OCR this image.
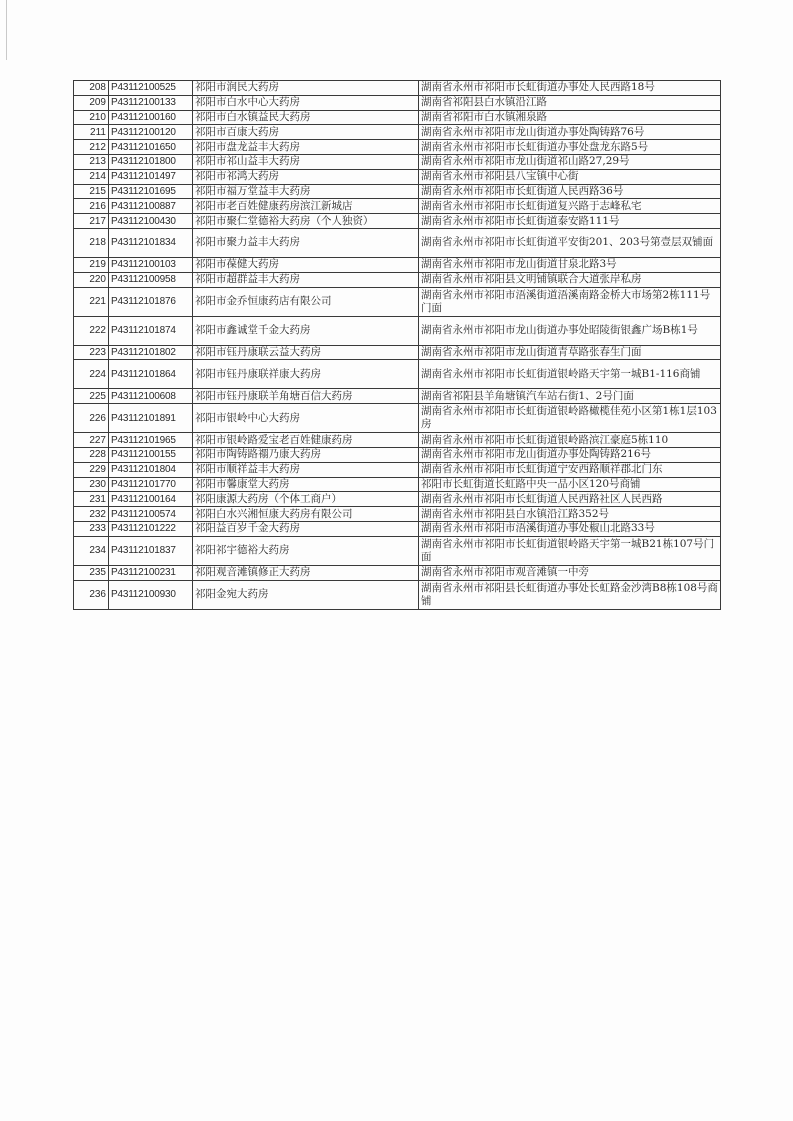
208	P43112100525	祁阳市润民大药房	湖南省永州市祁阳市长虹街道办事处人民西路18号
209	P43112100133	祁阳市白水中心大药房	湖南省祁阳县白水镇沿江路
210	P43112100160	祁阳市白水镇益民大药房	湖南省祁阳市白水镇湘泉路
211	P43112100120	祁阳市百康大药房	湖南省永州市祁阳市龙山街道办事处陶铸路76号
212	P43112101650	祁阳市盘龙益丰大药房	湖南省永州市祁阳市长虹街道办事处盘龙东路5号
213	P43112101800	祁阳市祁山益丰大药房	湖南省永州市祁阳市龙山街道祁山路27,29号
214	P43112101497	祁阳市祁鸿大药房	湖南省永州市祁阳县八宝镇中心街
215	P43112101695	祁阳市福万堂益丰大药房	湖南省永州市祁阳市长虹街道人民西路36号
216	P43112100887	祁阳市老百姓健康药房滨江新城店	湖南省永州市祁阳市长虹街道复兴路于志峰私宅
217	P43112100430	祁阳市聚仁堂德裕大药房（个人独资）	湖南省永州市祁阳市长虹街道泰安路111号
218	P43112101834	祁阳市聚力益丰大药房	湖南省永州市祁阳市长虹街道平安街201、203号第壹层双铺面
219	P43112100103	祁阳市葆健大药房	湖南省永州市祁阳市龙山街道甘泉北路3号
220	P43112100958	祁阳市超群益丰大药房	湖南省永州市祁阳县文明铺镇联合大道张岸私房
221	P43112101876	祁阳市金乔恒康药店有限公司	湖南省永州市祁阳市浯溪街道浯溪南路金桥大市场第2栋111号门面
222	P43112101874	祁阳市鑫诚堂千金大药房	湖南省永州市祁阳市龙山街道办事处昭陵街银鑫广场B栋1号
223	P43112101802	祁阳市钰丹康联云益大药房	湖南省永州市祁阳市龙山街道青草路张春生门面
224	P43112101864	祁阳市钰丹康联祥康大药房	湖南省永州市祁阳市长虹街道银岭路天宇第一城B1-116商铺
225	P43112100608	祁阳市钰丹康联羊角塘百信大药房	湖南省祁阳县羊角塘镇汽车站右街1、2号门面
226	P43112101891	祁阳市银岭中心大药房	湖南省永州市祁阳市长虹街道银岭路橄榄佳苑小区第1栋1层103房
227	P43112101965	祁阳市银岭路爱宝老百姓健康药房	湖南省永州市祁阳市长虹街道银岭路滨江豪庭5栋110
228	P43112100155	祁阳市陶铸路禤乃康大药房	湖南省永州市祁阳市龙山街道办事处陶铸路216号
229	P43112101804	祁阳市顺祥益丰大药房	湖南省永州市祁阳市长虹街道宁安西路顺祥郡北门东
230	P43112101770	祁阳市馨康堂大药房	祁阳市长虹街道长虹路中央一品小区120号商铺
231	P43112100164	祁阳康源大药房（个体工商户）	湖南省永州市祁阳市长虹街道人民西路社区人民西路
232	P43112100574	祁阳白水兴湘恒康大药房有限公司	湖南省永州市祁阳县白水镇沿江路352号
233	P43112101222	祁阳益百岁千金大药房	湖南省永州市祁阳市浯溪街道办事处椒山北路33号
234	P43112101837	祁阳祁宇德裕大药房	湖南省永州市祁阳市长虹街道银岭路天宇第一城B21栋107号门面
235	P43112100231	祁阳观音滩镇修正大药房	湖南省永州市祁阳市观音滩镇一中旁
236	P43112100930	祁阳金宛大药房	湖南省永州市祁阳县长虹街道办事处长虹路金沙湾B8栋108号商铺
